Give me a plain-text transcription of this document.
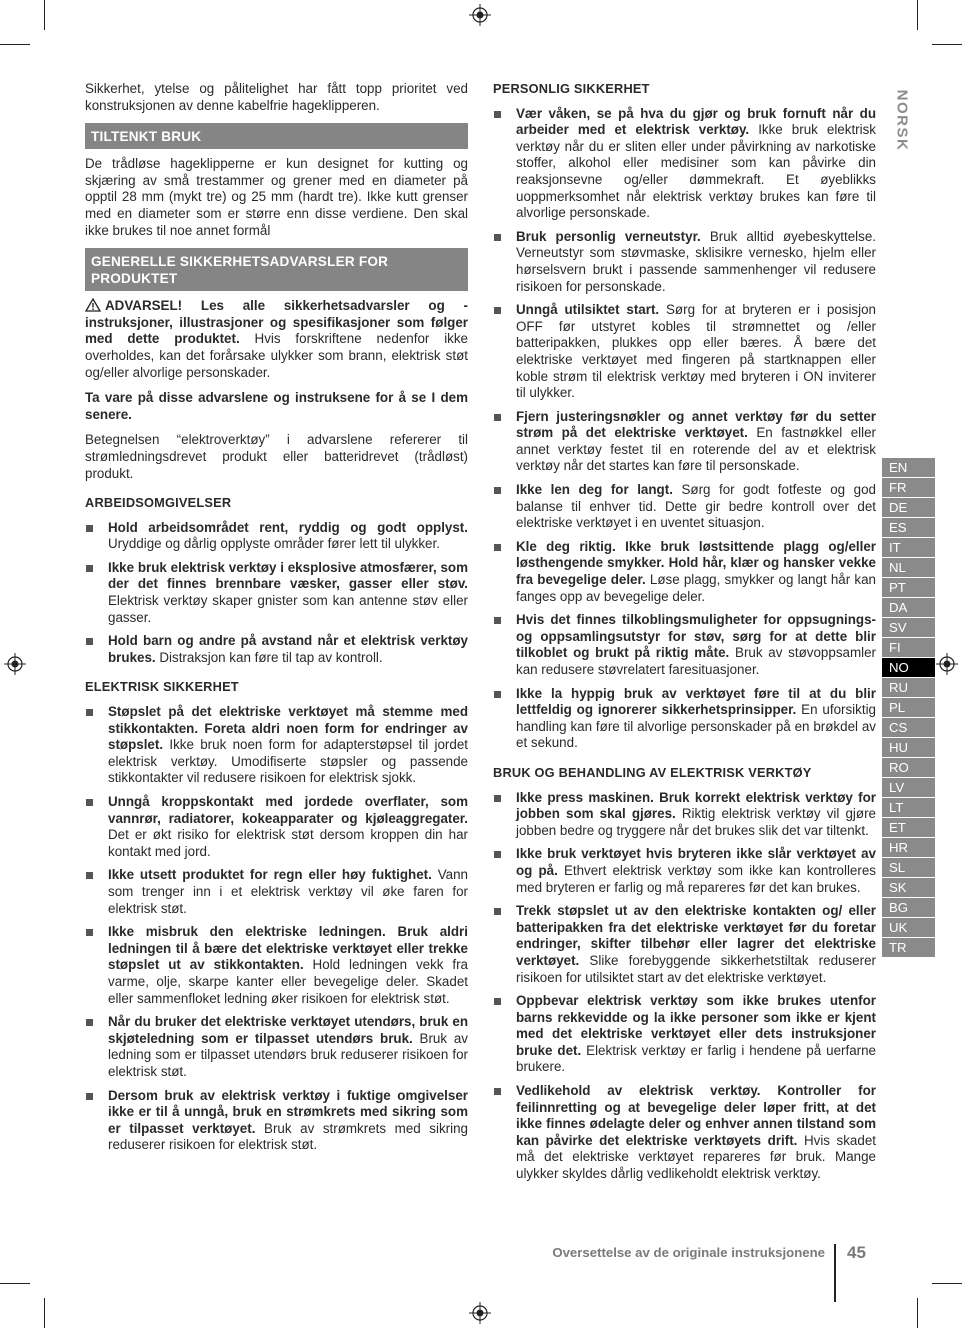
Sikkerhet, ytelse og pålitelighet har fått topp prioritet ved konstruksjonen av denne kabelfrie hageklipperen.

TILTENKT BRUK

De trådløse hageklipperne er kun designet for kutting og skjæring av små trestammer og grener med en diameter på opptil 28 mm (mykt tre) og 25 mm (hardt tre). Ikke kutt grenser med en diameter som er større enn disse verdiene. Den skal ikke brukes til noe annet formål

GENERELLE SIKKERHETSADVARSLER FOR PRODUKTET

ADVARSEL! Les alle sikkerhetsadvarsler og -instruksjoner, illustrasjoner og spesifikasjoner som følger med dette produktet. Hvis forskriftene nedenfor ikke overholdes, kan det forårsake ulykker som brann, elektrisk støt og/eller alvorlige personskader.

Ta vare på disse advarslene og instruksene for å se I dem senere.

Betegnelsen “elektroverktøy” i advarslene refererer til strømledningsdrevet produkt eller batteridrevet (trådløst) produkt.

ARBEIDSOMGIVELSER
Hold arbeidsområdet rent, ryddig og godt opplyst. Uryddige og dårlig opplyste områder fører lett til ulykker.
Ikke bruk elektrisk verktøy i eksplosive atmosfærer, som der det finnes brennbare væsker, gasser eller støv. Elektrisk verktøy skaper gnister som kan antenne støv eller gasser.
Hold barn og andre på avstand når et elektrisk verktøy brukes. Distraksjon kan føre til tap av kontroll.
ELEKTRISK SIKKERHET
Støpslet på det elektriske verktøyet må stemme med stikkontakten. Foreta aldri noen form for endringer av støpslet. Ikke bruk noen form for adapterstøpsel til jordet elektrisk verktøy. Umodifiserte støpsler og passende stikkontakter vil redusere risikoen for elektrisk sjokk.
Unngå kroppskontakt med jordede overflater, som vannrør, radiatorer, kokeapparater og kjøleaggregater. Det er økt risiko for elektrisk støt dersom kroppen din har kontakt med jord.
Ikke utsett produktet for regn eller høy fuktighet. Vann som trenger inn i et elektrisk verktøy vil øke faren for elektrisk støt.
Ikke misbruk den elektriske ledningen. Bruk aldri ledningen til å bære det elektriske verktøyet eller trekke støpslet ut av stikkontakten. Hold ledningen vekk fra varme, olje, skarpe kanter eller bevegelige deler. Skadet eller sammenfloket ledning øker risikoen for elektrisk støt.
Når du bruker det elektriske verktøyet utendørs, bruk en skjøteledning som er tilpasset utendørs bruk. Bruk av ledning som er tilpasset utendørs bruk reduserer risikoen for elektrisk støt.
Dersom bruk av elektrisk verktøy i fuktige omgivelser ikke er til å unngå, bruk en strømkrets med sikring som er tilpasset verktøyet. Bruk av strømkrets med sikring reduserer risikoen for elektrisk støt.
PERSONLIG SIKKERHET
Vær våken, se på hva du gjør og bruk fornuft når du arbeider med et elektrisk verktøy. Ikke bruk elektrisk verktøy når du er sliten eller under påvirkning av narkotiske stoffer, alkohol eller medisiner som kan påvirke din reaksjonsevne og/eller dømmekraft. Et øyeblikks uoppmerksomhet når elektrisk verktøy brukes kan føre til alvorlige personskade.
Bruk personlig verneutstyr. Bruk alltid øyebeskyttelse. Verneutstyr som støvmaske, sklisikre vernesko, hjelm eller hørselsvern brukt i passende sammenhenger vil redusere risikoen for personskade.
Unngå utilsiktet start. Sørg for at bryteren er i posisjon OFF før utstyret kobles til strømnettet og /eller batteripakken, plukkes opp eller bæres. Å bære det elektriske verktøyet med fingeren på startknappen eller koble strøm til elektrisk verktøy med bryteren i ON inviterer til ulykker.
Fjern justeringsnøkler og annet verktøy før du setter strøm på det elektriske verktøyet. En fastnøkkel eller annet verktøy festet til en roterende del av et elektrisk verktøy når det startes kan føre til personskade.
Ikke len deg for langt. Sørg for godt fotfeste og god balanse til enhver tid. Dette gir bedre kontroll over det elektriske verktøyet i en uventet situasjon.
Kle deg riktig. Ikke bruk løstsittende plagg og/eller løsthengende smykker. Hold hår, klær og hansker vekke fra bevegelige deler. Løse plagg, smykker og langt hår kan fanges opp av bevegelige deler.
Hvis det finnes tilkoblingsmuligheter for oppsugnings- og oppsamlingsutstyr for støv, sørg for at dette blir tilkoblet og brukt på riktig måte. Bruk av støvoppsamler kan redusere støvrelatert faresituasjoner.
Ikke la hyppig bruk av verktøyet føre til at du blir lettfeldig og ignorerer sikkerhetsprinsipper. En uforsiktig handling kan føre til alvorlige personskader på en brøkdel av et sekund.
BRUK OG BEHANDLING AV ELEKTRISK VERKTØY
Ikke press maskinen. Bruk korrekt elektrisk verktøy for jobben som skal gjøres. Riktig elektrisk verktøy vil gjøre jobben bedre og tryggere når det brukes slik det var tiltenkt.
Ikke bruk verktøyet hvis bryteren ikke slår verktøyet av og på. Ethvert elektrisk verktøy som ikke kan kontrolleres med bryteren er farlig og må repareres før det kan brukes.
Trekk støpslet ut av den elektriske kontakten og/ eller batteripakken fra det elektriske verktøyet før du foretar endringer, skifter tilbehør eller lagrer det elektriske verktøyet. Slike forebyggende sikkerhetstiltak reduserer risikoen for utilsiktet start av det elektriske verktøyet.
Oppbevar elektrisk verktøy som ikke brukes utenfor barns rekkevidde og la ikke personer som ikke er kjent med det elektriske verktøyet eller dets instruksjoner bruke det. Elektrisk verktøy er farlig i hendene på uerfarne brukere.
Vedlikehold av elektrisk verktøy. Kontroller for feilinnretting og at bevegelige deler løper fritt, at det ikke finnes ødelagte deler og enhver annen tilstand som kan påvirke det elektriske verktøyets drift. Hvis skadet må det elektriske verktøyet repareres før bruk. Mange ulykker skyldes dårlig vedlikeholdt elektrisk verktøy.
NORSK
EN
FR
DE
ES
IT
NL
PT
DA
SV
FI
NO
RU
PL
CS
HU
RO
LV
LT
ET
HR
SL
SK
BG
UK
TR
Oversettelse av de originale instruksjonene 45
